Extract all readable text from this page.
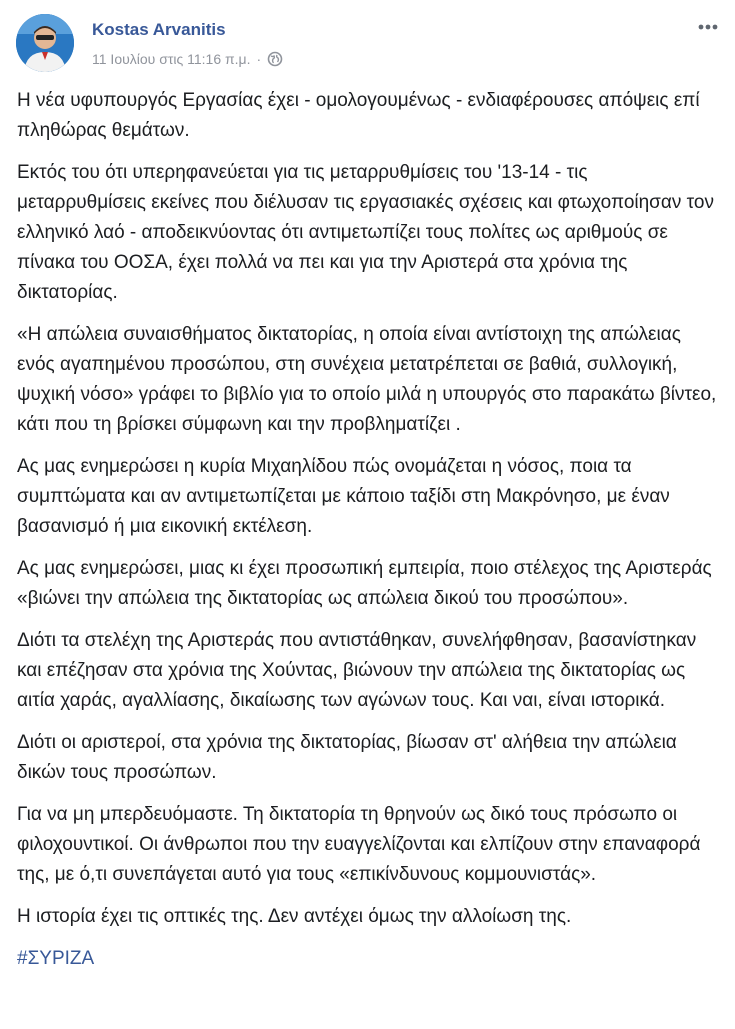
Kostas Arvanitis
11 Ιουλίου στις 11:16 π.μ. ·

Η νέα υφυπουργός Εργασίας έχει - ομολογουμένως - ενδιαφέρουσες απόψεις επί πληθώρας θεμάτων.

Εκτός του ότι υπερηφανεύεται για τις μεταρρυθμίσεις του '13-14 - τις μεταρρυθμίσεις εκείνες που διέλυσαν τις εργασιακές σχέσεις και φτωχοποίησαν τον ελληνικό λαό - αποδεικνύοντας ότι αντιμετωπίζει τους πολίτες ως αριθμούς σε πίνακα του ΟΟΣΑ, έχει πολλά να πει και για την Αριστερά στα χρόνια της δικτατορίας.

«Η απώλεια συναισθήματος δικτατορίας, η οποία είναι αντίστοιχη της απώλειας ενός αγαπημένου προσώπου, στη συνέχεια μετατρέπεται σε βαθιά, συλλογική, ψυχική νόσο» γράφει το βιβλίο για το οποίο μιλά η υπουργός στο παρακάτω βίντεο, κάτι που τη βρίσκει σύμφωνη και την προβληματίζει .

Ας μας ενημερώσει η κυρία Μιχαηλίδου πώς ονομάζεται η νόσος, ποια τα συμπτώματα και αν αντιμετωπίζεται με κάποιο ταξίδι στη Μακρόνησο, με έναν βασανισμό ή μια εικονική εκτέλεση.

Ας μας ενημερώσει, μιας κι έχει προσωπική εμπειρία, ποιο στέλεχος της Αριστεράς «βιώνει την απώλεια της δικτατορίας ως απώλεια δικού του προσώπου».

Διότι τα στελέχη της Αριστεράς που αντιστάθηκαν, συνελήφθησαν, βασανίστηκαν και επέζησαν στα χρόνια της Χούντας, βιώνουν την απώλεια της δικτατορίας ως αιτία χαράς, αγαλλίασης, δικαίωσης των αγώνων τους. Και ναι, είναι ιστορικά.

Διότι οι αριστεροί, στα χρόνια της δικτατορίας, βίωσαν στ' αλήθεια την απώλεια δικών τους προσώπων.

Για να μη μπερδευόμαστε. Τη δικτατορία τη θρηνούν ως δικό τους πρόσωπο οι φιλοχουντικοί. Οι άνθρωποι που την ευαγγελίζονται και ελπίζουν στην επαναφορά της, με ό,τι συνεπάγεται αυτό για τους «επικίνδυνους κομμουνιστάς».

Η ιστορία έχει τις οπτικές της. Δεν αντέχει όμως την αλλοίωση της.

#ΣΥΡΙΖΑ
